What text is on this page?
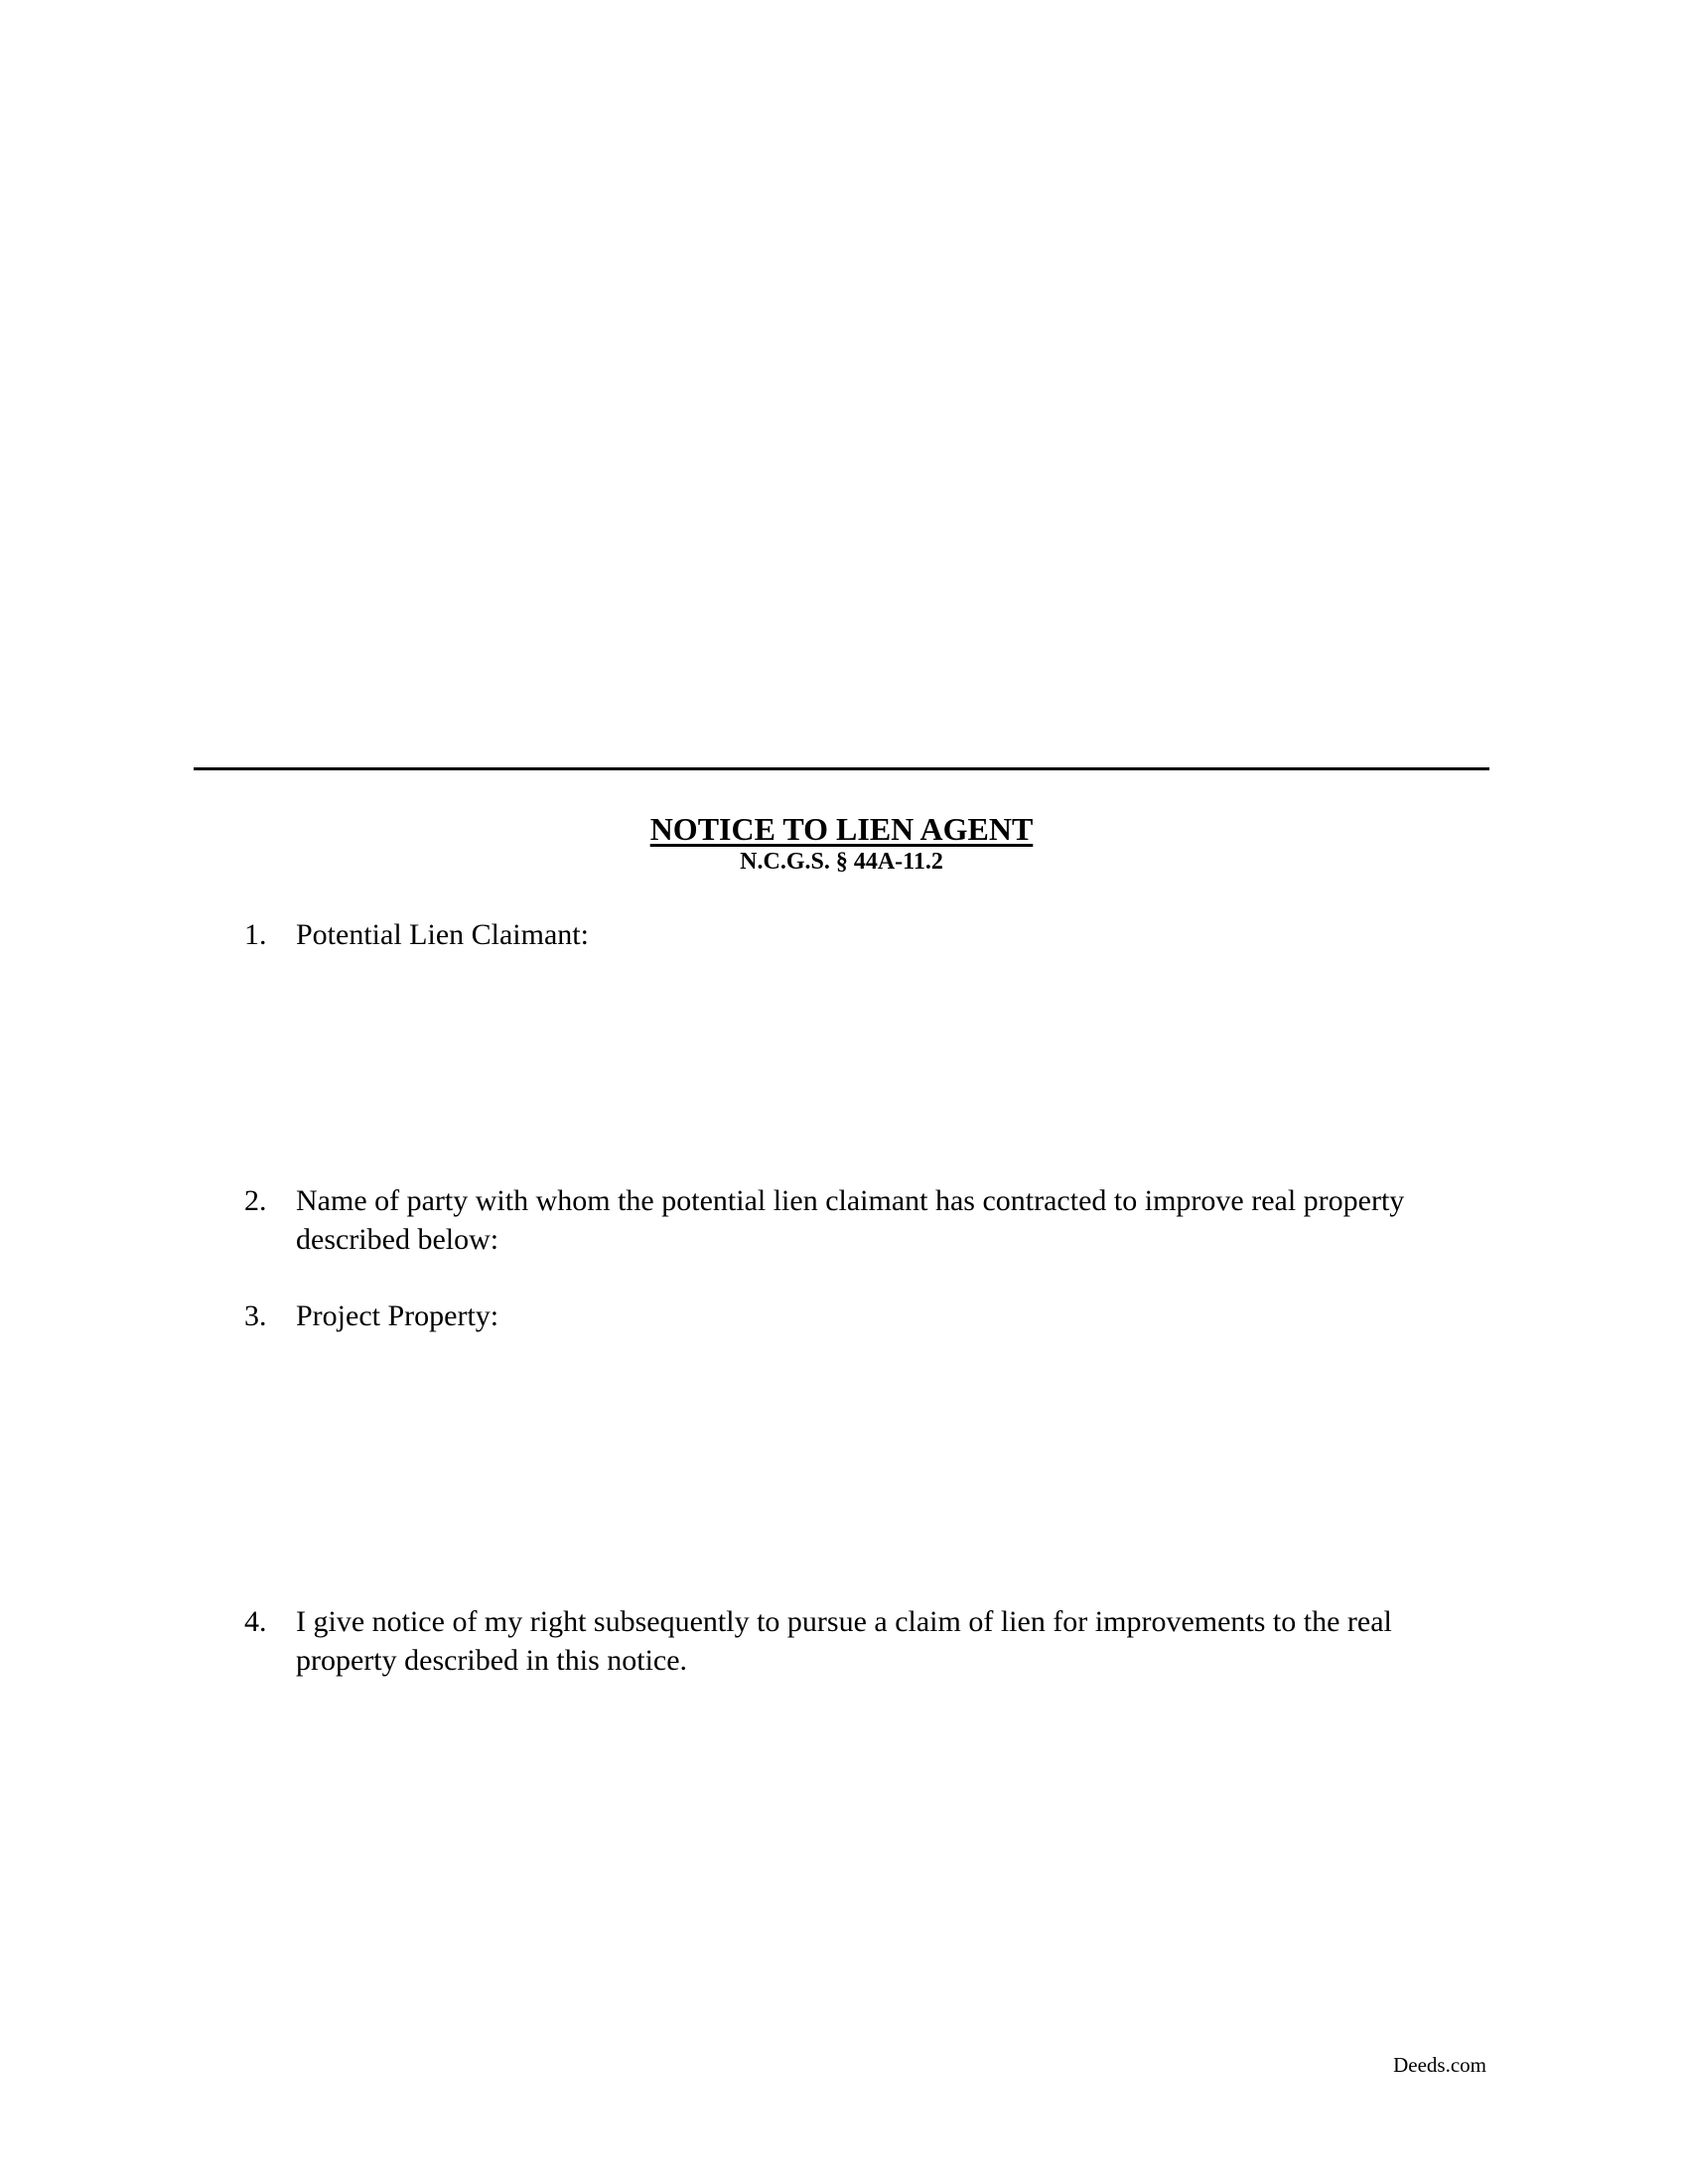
NOTICE TO LIEN AGENT
N.C.G.S. § 44A-11.2
1. Potential Lien Claimant:
2. Name of party with whom the potential lien claimant has contracted to improve real property described below:
3. Project Property:
4. I give notice of my right subsequently to pursue a claim of lien for improvements to the real property described in this notice.
Deeds.com
